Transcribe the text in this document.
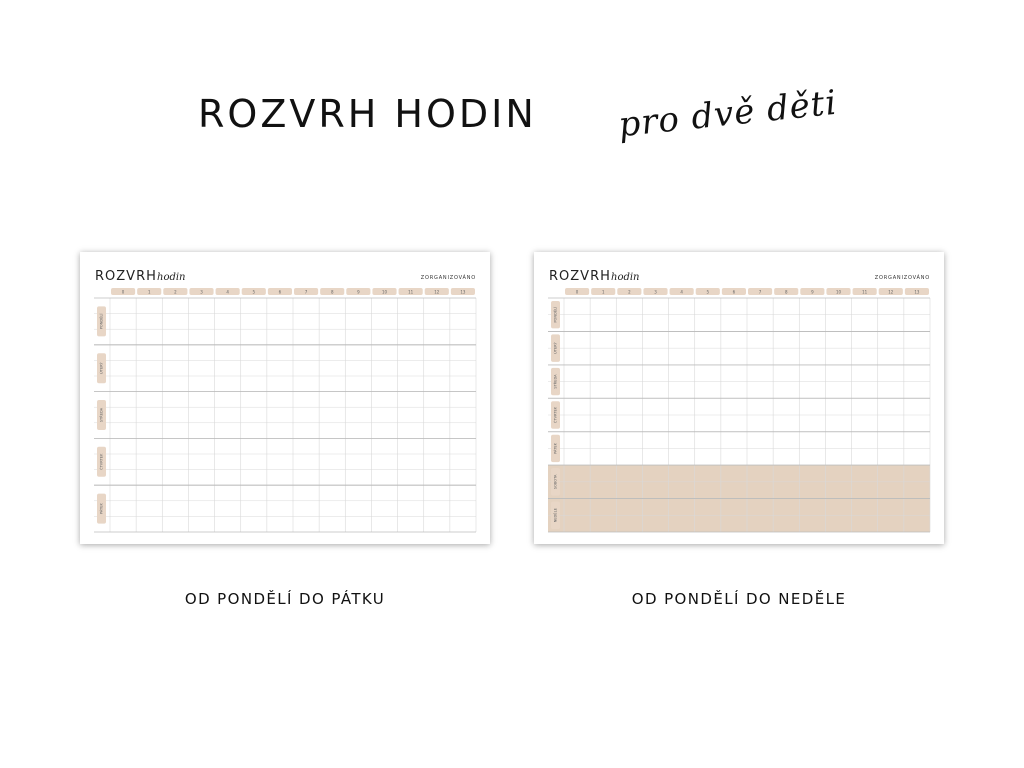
ROZVRH HODIN pro dvě děti
ROZVRH hodin	ZORGANIZOVÁNO
0	1	2	3	4	5	6	7	8	9	10	11	12	13
PONDĚLÍ
ÚTERÝ
STŘEDA
ČTVRTEK
PÁTEK
ROZVRH hodin	ZORGANIZOVÁNO
0	1	2	3	4	5	6	7	8	9	10	11	12	13
PONDĚLÍ
ÚTERÝ
STŘEDA
ČTVRTEK
PÁTEK
SOBOTA
NEDĚLE
OD PONDĚLÍ DO PÁTKU	OD PONDĚLÍ DO NEDĚLE
